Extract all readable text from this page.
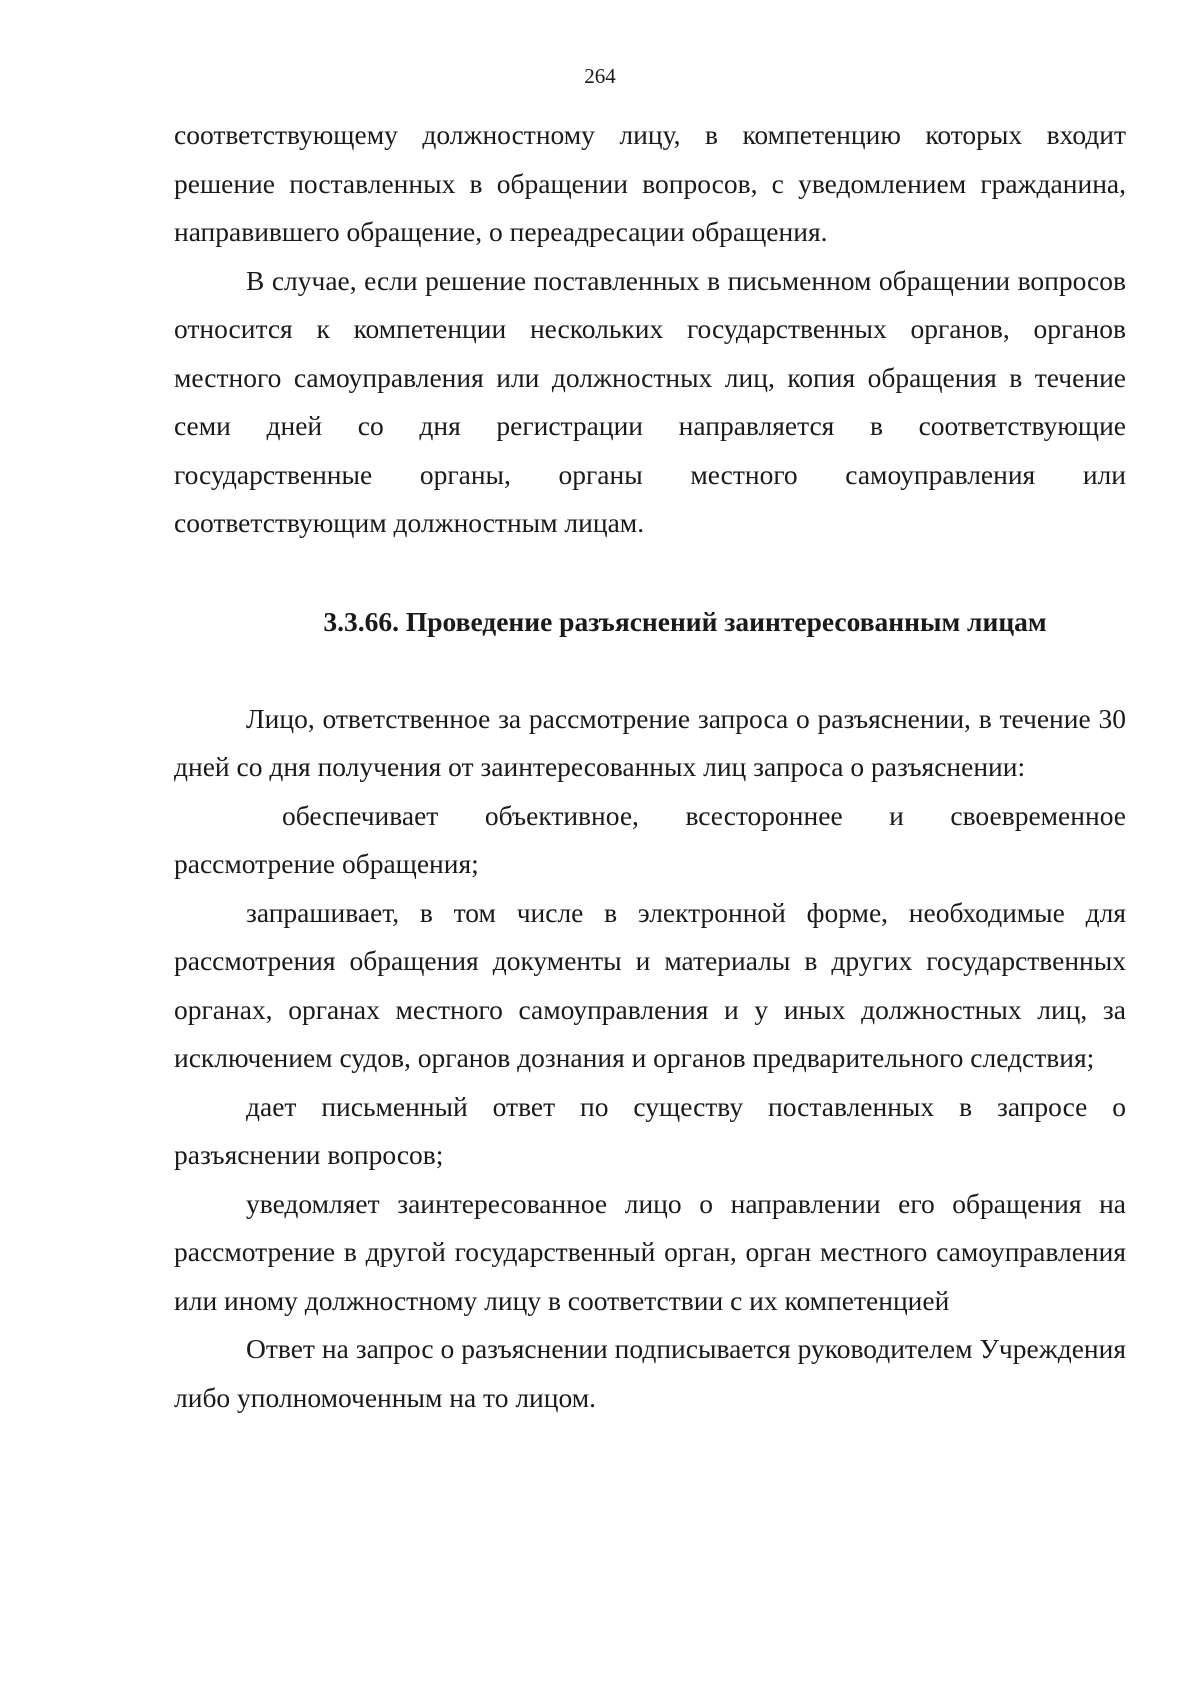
264

соответствующему должностному лицу, в компетенцию которых входит решение поставленных в обращении вопросов, с уведомлением гражданина, направившего обращение, о переадресации обращения.

В случае, если решение поставленных в письменном обращении вопросов относится к компетенции нескольких государственных органов, органов местного самоуправления или должностных лиц, копия обращения в течение семи дней со дня регистрации направляется в соответствующие государственные органы, органы местного самоуправления или соответствующим должностным лицам.

3.3.66. Проведение разъяснений заинтересованным лицам

Лицо, ответственное за рассмотрение запроса о разъяснении, в течение 30 дней со дня получения от заинтересованных лиц запроса о разъяснении:

обеспечивает объективное, всестороннее и своевременное рассмотрение обращения;

запрашивает, в том числе в электронной форме, необходимые для рассмотрения обращения документы и материалы в других государственных органах, органах местного самоуправления и у иных должностных лиц, за исключением судов, органов дознания и органов предварительного следствия;

дает письменный ответ по существу поставленных в запросе о разъяснении вопросов;

уведомляет заинтересованное лицо о направлении его обращения на рассмотрение в другой государственный орган, орган местного самоуправления или иному должностному лицу в соответствии с их компетенцией

Ответ на запрос о разъяснении подписывается руководителем Учреждения либо уполномоченным на то лицом.
